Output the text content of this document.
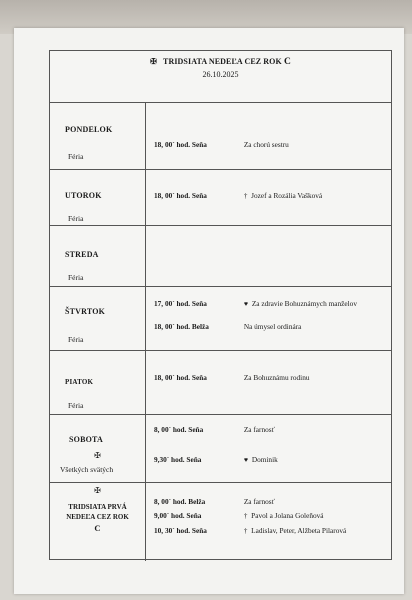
✠ TRIDSIATA NEDEĽA CEZ ROK C
26.10.2025
PONDELOK
Féria
18, 00´ hod. Seňa	Za chorú sestru
UTOROK
Féria
18, 00´ hod. Seňa	† Jozef a Rozália Vašková
STREDA
Féria
ŠTVRTOK
Féria
17, 00´ hod. Seňa	♥ Za zdravie Bohuznámych manželov
18, 00´ hod. Belža	Na úmysel ordinára
PIATOK
Féria
18, 00´ hod. Seňa	Za Bohuznámu rodinu
SOBOTA
✠
Všetkých svätých
8, 00´ hod. Seňa	Za farnosť
9,30´ hod. Seňa	♥ Dominik
✠
TRIDSIATA PRVÁ
NEDEĽA CEZ ROK
C
8, 00´ hod. Belža	Za farnosť
9,00´ hod. Seňa	† Pavol a Jolana Goleňová
10, 30´ hod. Seňa	† Ladislav, Peter, Alžbeta Pilarová
